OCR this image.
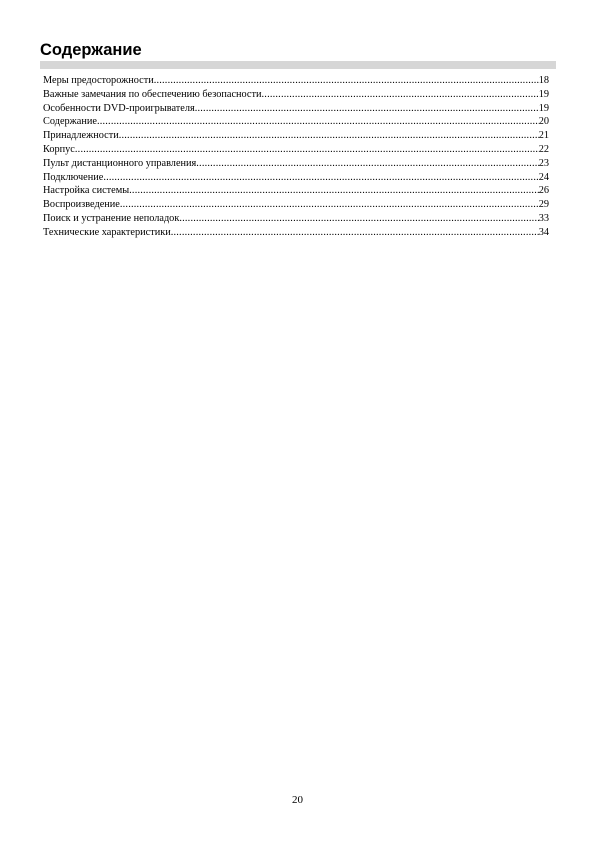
Содержание
Меры предосторожности .....	18
Важные замечания по обеспечению безопасности .....	19
Особенности DVD-проигрывателя .....	19
Содержание .....	20
Принадлежности .....	21
Корпус .....	22
Пульт дистанционного управления .....	23
Подключение .....	24
Настройка системы .....	26
Воспроизведение .....	29
Поиск и устранение неполадок .....	33
Технические характеристики .....	34
20
